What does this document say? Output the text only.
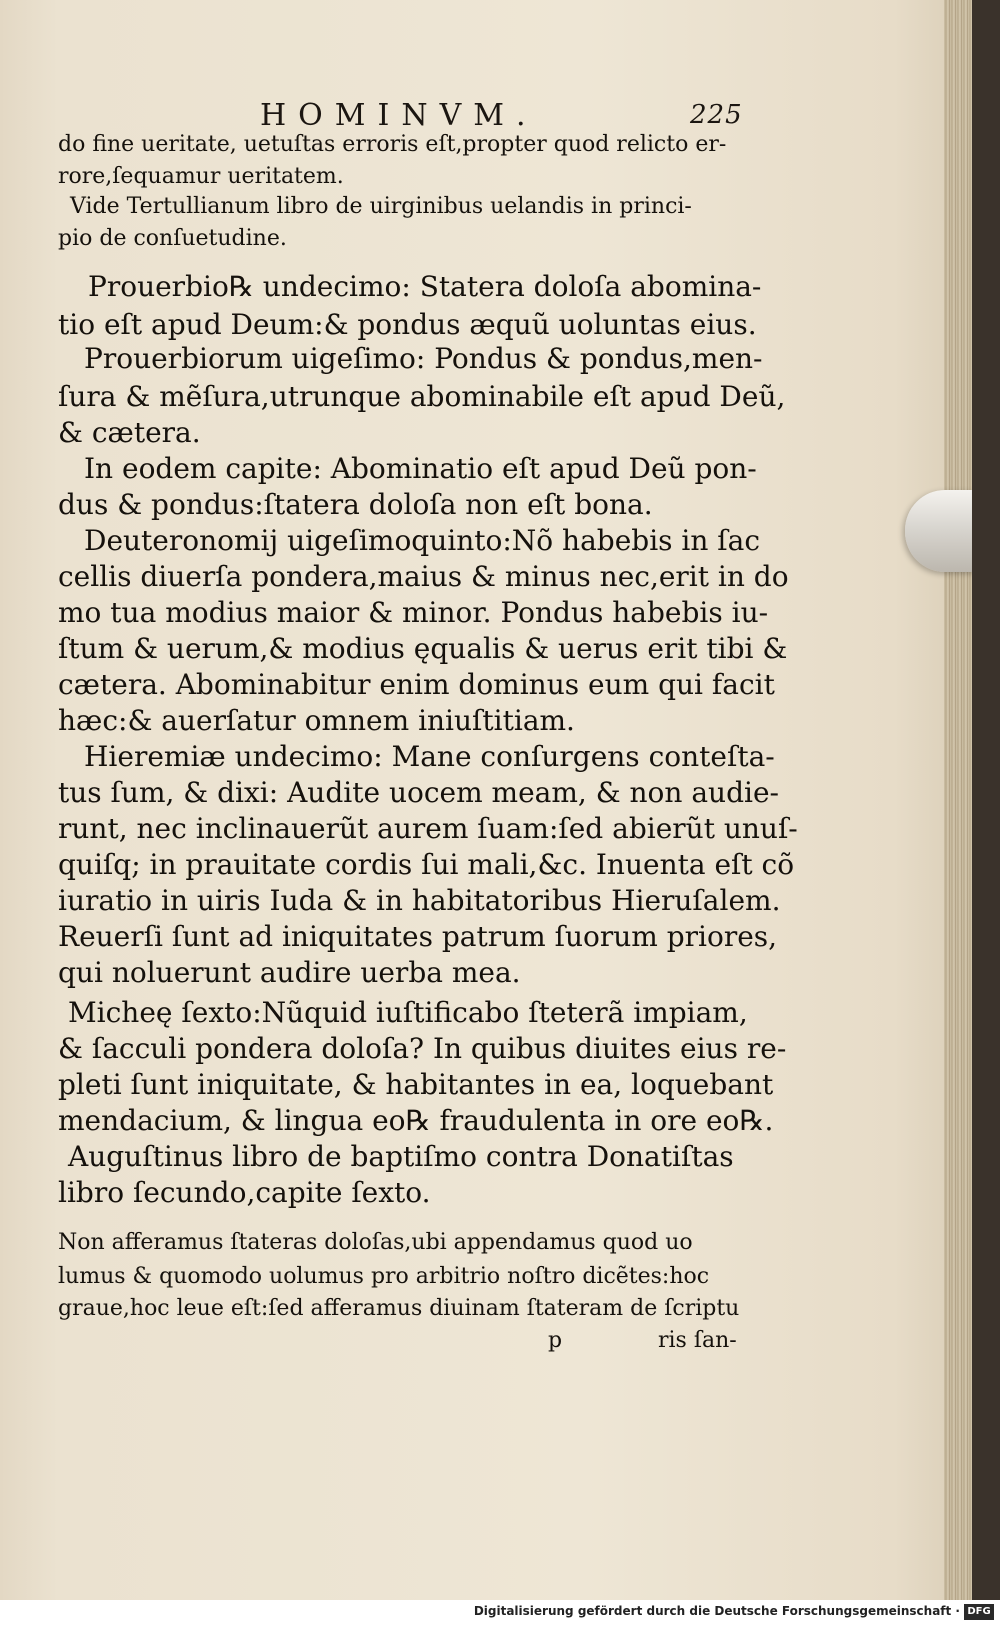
HOMINVM.	225
do fine ueritate, uetuſtas erroris eſt,propter quod relicto er-
rore,ſequamur ueritatem.
Vide Tertullianum libro de uirginibus uelandis in princi-
pio de conſuetudine.
Prouerbio℞ undecimo: Statera doloſa abomina-
tio eſt apud Deum:& pondus æquũ uoluntas eius.
Prouerbiorum uigeſimo: Pondus & pondus,men-
ſura & mẽſura,utrunque abominabile eſt apud Deũ,
& cætera.
In eodem capite: Abominatio eſt apud Deũ pon-
dus & pondus:ſtatera doloſa non eſt bona.
Deuteronomij uigeſimoquinto:Nõ habebis in ſac
cellis diuerſa pondera,maius & minus nec,erit in do
mo tua modius maior & minor. Pondus habebis iu-
ſtum & uerum,& modius ęqualis & uerus erit tibi &
cætera. Abominabitur enim dominus eum qui facit
hæc:& auerſatur omnem iniuſtitiam.
Hieremiæ undecimo: Mane conſurgens conteſta-
tus ſum, & dixi: Audite uocem meam, & non audie-
runt, nec inclinauerũt aurem ſuam:ſed abierũt unuſ-
quiſq; in prauitate cordis ſui mali,&c. Inuenta eſt cõ
iuratio in uiris Iuda & in habitatoribus Hieruſalem.
Reuerſi ſunt ad iniquitates patrum ſuorum priores,
qui noluerunt audire uerba mea.
Micheę ſexto:Nũquid iuſtificabo ſteterã impiam,
& ſacculi pondera doloſa? In quibus diuites eius re-
pleti ſunt iniquitate, & habitantes in ea, loquebant
mendacium, & lingua eo℞ fraudulenta in ore eo℞.
Auguſtinus libro de baptiſmo contra Donatiſtas
libro ſecundo,capite ſexto.
Non afferamus ſtateras doloſas,ubi appendamus quod uo
lumus & quomodo uolumus pro arbitrio noſtro dicẽtes:hoc
graue,hoc leue eſt:ſed afferamus diuinam ſtateram de ſcriptu
p	ris ſan-
Digitalisierung gefördert durch die Deutsche Forschungsgemeinschaft · DFG
